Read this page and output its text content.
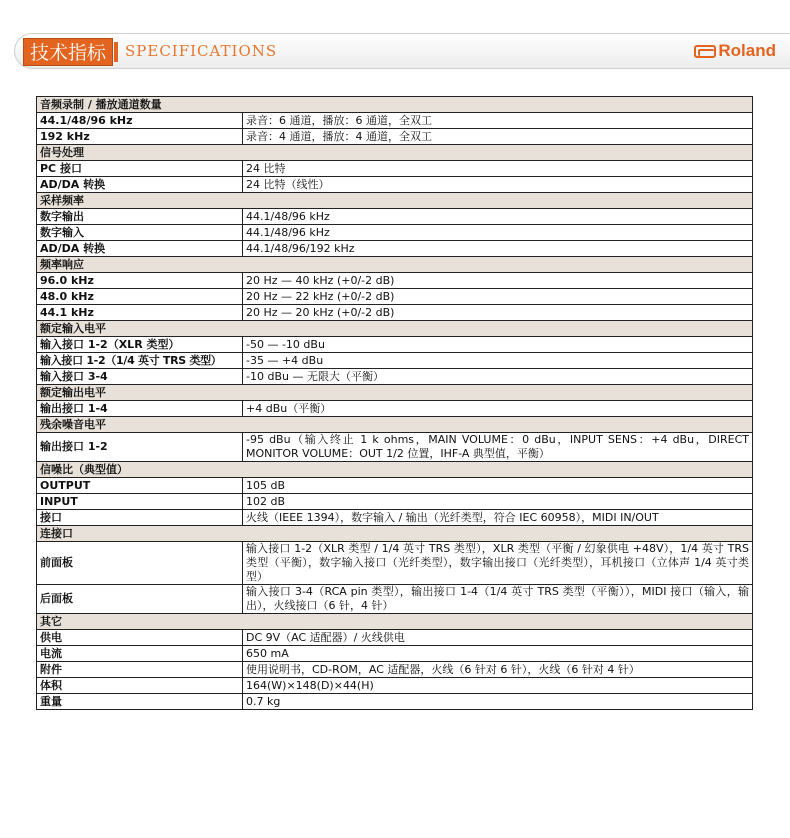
技术指标	SPECIFICATIONS	Roland
音频录制 / 播放通道数量	
44.1/48/96 kHz	录音：6 通道，播放：6 通道，全双工
192 kHz	录音：4 通道，播放：4 通道，全双工
信号处理	
PC 接口	24 比特
AD/DA 转换	24 比特（线性）
采样频率	
数字输出	44.1/48/96 kHz
数字输入	44.1/48/96 kHz
AD/DA 转换	44.1/48/96/192 kHz
频率响应	
96.0 kHz	20 Hz — 40 kHz (+0/-2 dB)
48.0 kHz	20 Hz — 22 kHz (+0/-2 dB)
44.1 kHz	20 Hz — 20 kHz (+0/-2 dB)
额定输入电平	
输入接口 1-2（XLR 类型）	-50 — -10 dBu
输入接口 1-2（1/4 英寸 TRS 类型）	-35 — +4 dBu
输入接口 3-4	-10 dBu — 无限大（平衡）
额定输出电平	
输出接口 1-4	+4 dBu（平衡）
残余噪音电平	
输出接口 1-2	-95 dBu（输入终止 1 k ohms，MAIN VOLUME：0 dBu，INPUT SENS：+4 dBu，DIRECT MONITOR VOLUME：OUT 1/2 位置，IHF-A 典型值，平衡）
信噪比（典型值）	
OUTPUT	105 dB
INPUT	102 dB
接口	火线（IEEE 1394），数字输入 / 输出（光纤类型，符合 IEC 60958），MIDI IN/OUT
连接口	
前面板	输入接口 1-2（XLR 类型 / 1/4 英寸 TRS 类型），XLR 类型（平衡 / 幻象供电 +48V），1/4 英寸 TRS 类型（平衡），数字输入接口（光纤类型），数字输出接口（光纤类型），耳机接口（立体声 1/4 英寸类型）
后面板	输入接口 3-4（RCA pin 类型），输出接口 1-4（1/4 英寸 TRS 类型（平衡）），MIDI 接口（输入，输出），火线接口（6 针，4 针）
其它	
供电	DC 9V（AC 适配器）/ 火线供电
电流	650 mA
附件	使用说明书，CD-ROM，AC 适配器，火线（6 针对 6 针），火线（6 针对 4 针）
体积	164(W)×148(D)×44(H)
重量	0.7 kg
